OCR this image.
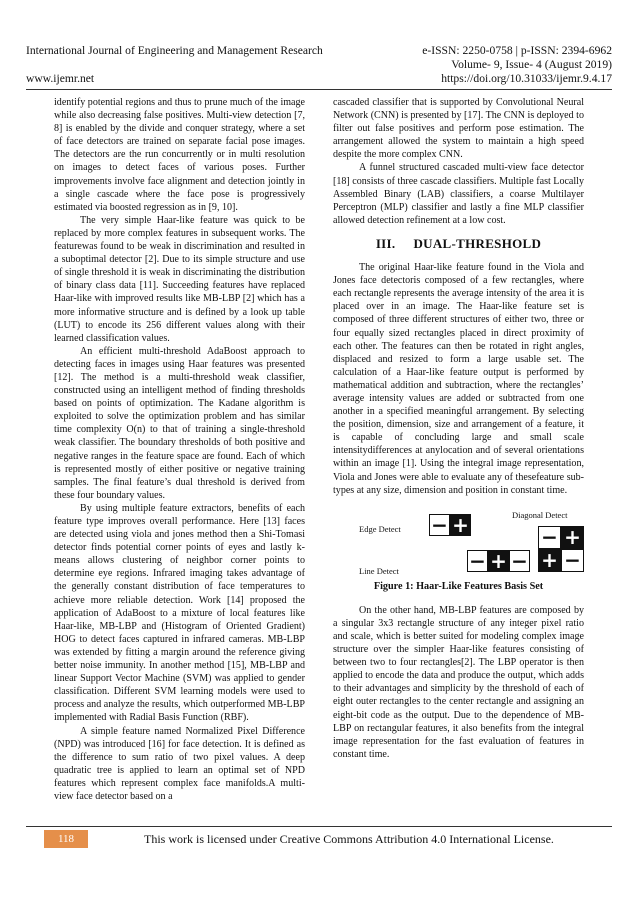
International Journal of Engineering and Management Research	e-ISSN: 2250-0758 | p-ISSN: 2394-6962
Volume- 9, Issue- 4 (August 2019)
www.ijemr.net	https://doi.org/10.31033/ijemr.9.4.17

identify potential regions and thus to prune much of the image while also decreasing false positives. Multi-view detection [7, 8] is enabled by the divide and conquer strategy, where a set of face detectors are trained on separate facial pose images. The detectors are the run concurrently or in multi resolution on images to detect faces of various poses. Further improvements involve face alignment and detection jointly in a single cascade where the face pose is progressively estimated via boosted regression as in [9, 10].

The very simple Haar-like feature was quick to be replaced by more complex features in subsequent works. The featurewas found to be weak in discrimination and resulted in a suboptimal detector [2]. Due to its simple structure and use of single threshold it is weak in discriminating the distribution of binary class data [11]. Succeeding features have replaced Haar-like with improved results like MB-LBP [2] which has a more informative structure and is defined by a look up table (LUT) to encode its 256 different values along with their learned classification values.

An efficient multi-threshold AdaBoost approach to detecting faces in images using Haar features was presented [12]. The method is a multi-threshold weak classifier, constructed using an intelligent method of finding thresholds based on points of optimization. The Kadane algorithm is exploited to solve the optimization problem and has similar time complexity O(n) to that of training a single-threshold weak classifier. The boundary thresholds of both positive and negative ranges in the feature space are found. Each of which is represented mostly of either positive or negative training samples. The final feature’s dual threshold is derived from these four boundary values.

By using multiple feature extractors, benefits of each feature type improves overall performance. Here [13] faces are detected using viola and jones method then a Shi-Tomasi detector finds potential corner points of eyes and lastly k-means allows clustering of neighbor corner points to determine eye regions. Infrared imaging takes advantage of the generally constant distribution of face temperatures to achieve more reliable detection. Work [14] proposed the application of AdaBoost to a mixture of local features like Haar-like, MB-LBP and (Histogram of Oriented Gradient) HOG to detect faces captured in infrared cameras. MB-LBP was extended by fitting a margin around the reference giving better noise immunity. In another method [15], MB-LBP and linear Support Vector Machine (SVM) was applied to gender classification. Different SVM learning models were used to process and analyze the results, which outperformed MB-LBP implemented with Radial Basis Function (RBF).

A simple feature named Normalized Pixel Difference (NPD) was introduced [16] for face detection. It is defined as the difference to sum ratio of two pixel values. A deep quadratic tree is applied to learn an optimal set of NPD features which represent complex face manifolds.A multi-view face detector based on a

cascaded classifier that is supported by Convolutional Neural Network (CNN) is presented by [17]. The CNN is deployed to filter out false positives and perform pose estimation. The arrangement allowed the system to maintain a high speed despite the more complex CNN.

A funnel structured cascaded multi-view face detector [18] consists of three cascade classifiers. Multiple fast Locally Assembled Binary (LAB) classifiers, a coarse Multilayer Perceptron (MLP) classifier and lastly a fine MLP classifier allowed detection refinement at a low cost.

III. DUAL-THRESHOLD

The original Haar-like feature found in the Viola and Jones face detectoris composed of a few rectangles, where each rectangle represents the average intensity of the area it is placed over in an image. The Haar-like feature set is composed of three different structures of either two, three or four equally sized rectangles placed in direct proximity of each other. The features can then be rotated in right angles, displaced and resized to form a large usable set. The calculation of a Haar-like feature output is performed by mathematical addition and subtraction, where the rectangles’ average intensity values are added or subtracted from one another in a specified meaningful arrangement. By selecting the position, dimension, size and arrangement of a feature, it is capable of concluding large and small scale intensitydifferences at anylocation and of several orientations within an image [1]. Using the integral image representation, Viola and Jones were able to evaluate any of thesefeature sub-types at any size, dimension and position in constant time.

Edge Detect
Line Detect
Diagonal Detect
− +
− + −
− +
+ −
Figure 1: Haar-Like Features Basis Set

On the other hand, MB-LBP features are composed by a singular 3x3 rectangle structure of any integer pixel ratio and scale, which is better suited for modeling complex image structure over the simpler Haar-like features consisting of between two to four rectangles[2]. The LBP operator is then applied to encode the data and produce the output, which adds to their advantages and simplicity by the threshold of each of eight outer rectangles to the center rectangle and assigning an eight-bit code as the output. Due to the dependence of MB-LBP on rectangular features, it also benefits from the integral image representation for the fast evaluation of features in constant time.

118	This work is licensed under Creative Commons Attribution 4.0 International License.
